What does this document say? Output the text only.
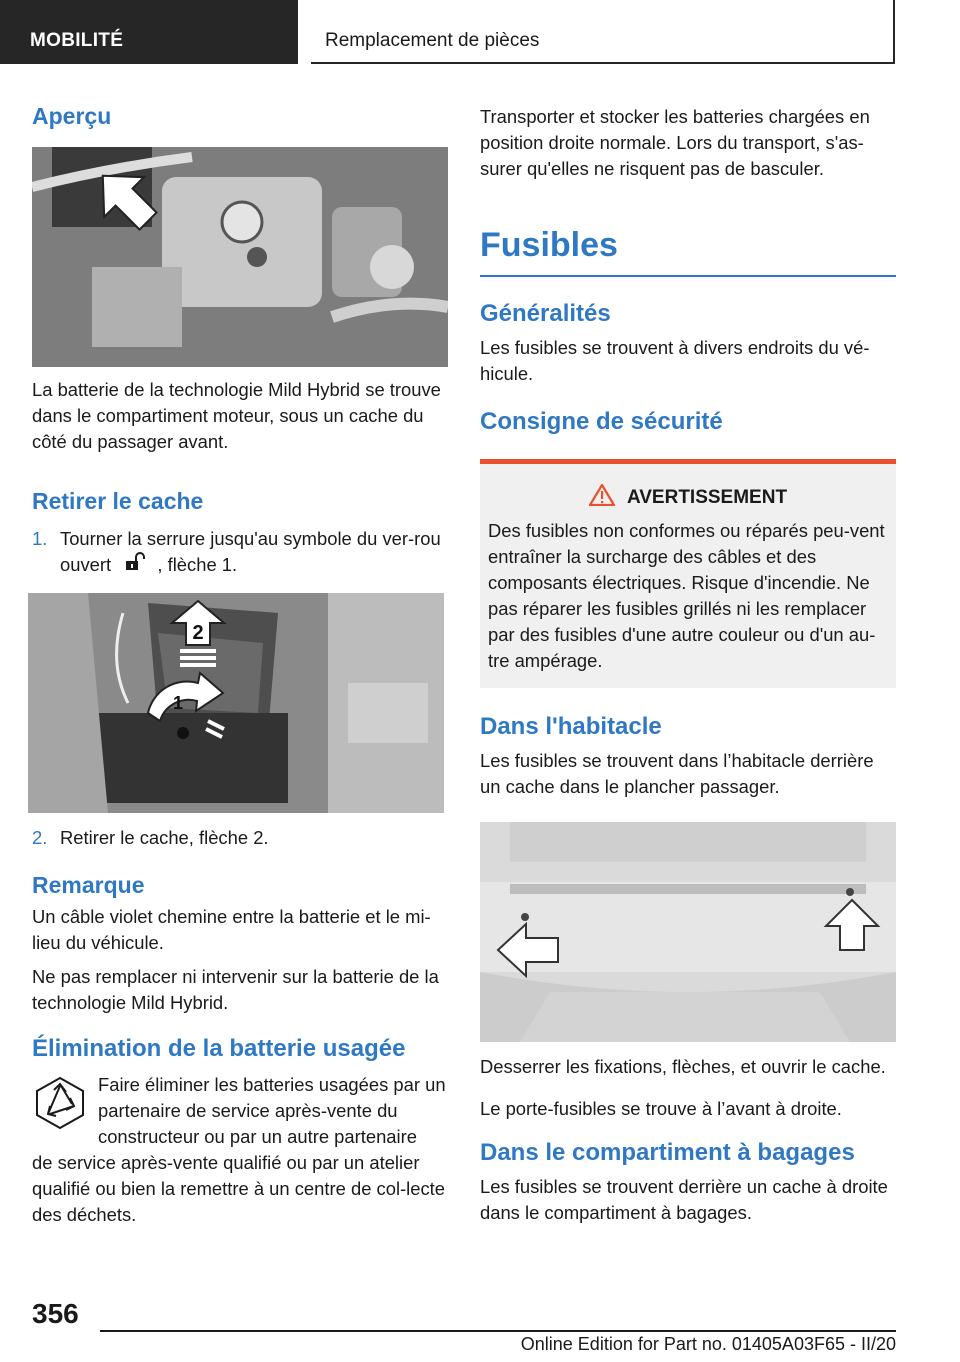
MOBILITÉ	Remplacement de pièces
Aperçu

La batterie de la technologie Mild Hybrid se trouve dans le compartiment moteur, sous un cache du côté du passager avant.

Retirer le cache
1. Tourner la serrure jusqu'au symbole du ver‐rou ouvert	, flèche 1.
2
1
2. Retirer le cache, flèche 2.
Remarque

Un câble violet chemine entre la batterie et le mi‐lieu du véhicule.

Ne pas remplacer ni intervenir sur la batterie de la technologie Mild Hybrid.

Élimination de la batterie usagée

Faire éliminer les batteries usagées par un partenaire de service après-vente du constructeur ou par un autre partenaire

de service après-vente qualifié ou par un atelier qualifié ou bien la remettre à un centre de col‐lecte des déchets.

Transporter et stocker les batteries chargées en position droite normale. Lors du transport, s'as‐surer qu'elles ne risquent pas de basculer.

Fusibles
Généralités

Les fusibles se trouvent à divers endroits du vé‐hicule.

Consigne de sécurité
AVERTISSEMENT

Des fusibles non conformes ou réparés peu‐vent entraîner la surcharge des câbles et des composants électriques. Risque d'incendie. Ne pas réparer les fusibles grillés ni les remplacer par des fusibles d'une autre couleur ou d'un au‐tre ampérage.

Dans l'habitacle

Les fusibles se trouvent dans l’habitacle derrière un cache dans le plancher passager.

Desserrer les fixations, flèches, et ouvrir le cache.

Le porte-fusibles se trouve à l’avant à droite.

Dans le compartiment à bagages

Les fusibles se trouvent derrière un cache à droite dans le compartiment à bagages.

356
Online Edition for Part no. 01405A03F65 - II/20
